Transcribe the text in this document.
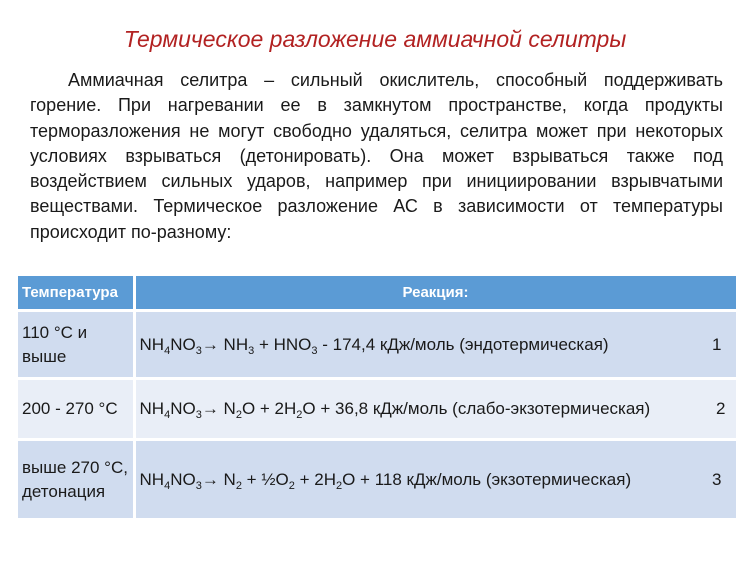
Термическое разложение аммиачной селитры

Аммиачная селитра – сильный окислитель, способный поддерживать горение. При нагревании ее в замкнутом пространстве, когда продукты терморазложения не могут свободно удаляться, селитра может при некоторых условиях взрываться (детонировать). Она может взрываться также под воздействием сильных ударов, например при инициировании взрывчатыми веществами. Термическое разложение АС в зависимости от температуры происходит по-разному:

Температура	Реакция:
110 °С и выше	$NH_4NO_3\to NH_3 + HNO_3 - 174,4$ кДж/моль (эндотермическая) 1

200 - 270 °С	$NH_4NO_3\to N_2O + 2H_2O + 36,8$ кДж/моль (слабо-экзотермическая) 2

выше 270 °С, детонация	$NH_4NO_3\to N_2$ + $\frac{1}{2}O_2 + 2H_2O + 118$ кДж/моль (экзотермическая) 3
